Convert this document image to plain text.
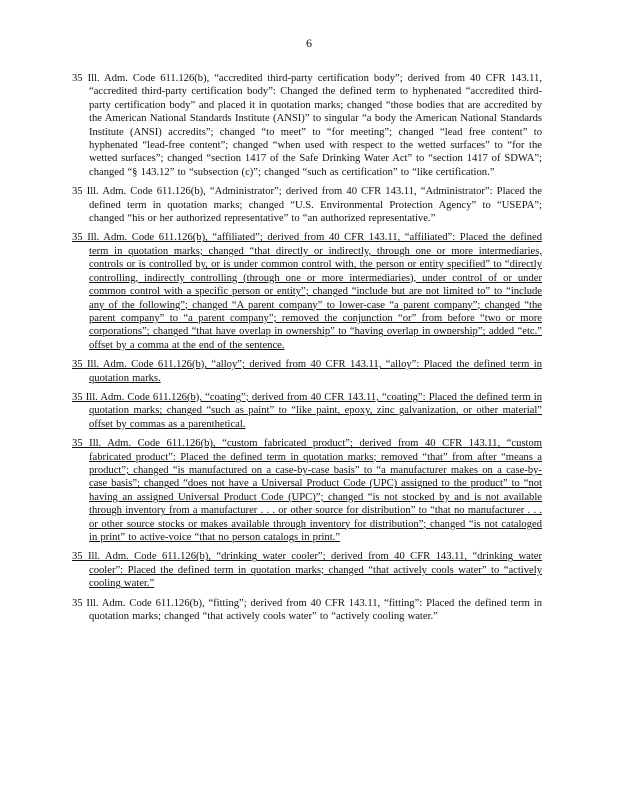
6

35 Ill. Adm. Code 611.126(b), “accredited third-party certification body”; derived from 40 CFR 143.11, “accredited third-party certification body”: Changed the defined term to hyphenated “accredited third-party certification body” and placed it in quotation marks; changed “those bodies that are accredited by the American National Standards Institute (ANSI)” to singular “a body the American National Standards Institute (ANSI) accredits”; changed “to meet” to “for meeting”; changed “lead free content” to hyphenated “lead-free content”; changed “when used with respect to the wetted surfaces” to “for the wetted surfaces”; changed “section 1417 of the Safe Drinking Water Act” to “section 1417 of SDWA”; changed “§ 143.12” to “subsection (c)”; changed “such as certification” to “like certification.”

35 Ill. Adm. Code 611.126(b), “Administrator”; derived from 40 CFR 143.11, “Administrator”: Placed the defined term in quotation marks; changed “U.S. Environmental Protection Agency” to “USEPA”; changed “his or her authorized representative” to “an authorized representative.”

35 Ill. Adm. Code 611.126(b), “affiliated”; derived from 40 CFR 143.11, “affiliated”: Placed the defined term in quotation marks; changed “that directly or indirectly, through one or more intermediaries, controls or is controlled by, or is under common control with, the person or entity specified” to “directly controlling, indirectly controlling (through one or more intermediaries), under control of or under common control with a specific person or entity”; changed “include but are not limited to” to “include any of the following”; changed “A parent company” to lower-case “a parent company”; changed “the parent company” to “a parent company”; removed the conjunction “or” from before “two or more corporations”; changed “that have overlap in ownership” to “having overlap in ownership”; added “etc.” offset by a comma at the end of the sentence.

35 Ill. Adm. Code 611.126(b), “alloy”; derived from 40 CFR 143.11, “alloy”: Placed the defined term in quotation marks.

35 Ill. Adm. Code 611.126(b), “coating”; derived from 40 CFR 143.11, “coating”: Placed the defined term in quotation marks; changed “such as paint” to “like paint, epoxy, zinc galvanization, or other material” offset by commas as a parenthetical.

35 Ill. Adm. Code 611.126(b), “custom fabricated product”; derived from 40 CFR 143.11, “custom fabricated product”: Placed the defined term in quotation marks; removed “that” from after “means a product”; changed “is manufactured on a case-by-case basis” to “a manufacturer makes on a case-by-case basis”; changed “does not have a Universal Product Code (UPC) assigned to the product” to “not having an assigned Universal Product Code (UPC)”; changed “is not stocked by and is not available through inventory from a manufacturer . . . or other source for distribution” to “that no manufacturer . . . or other source stocks or makes available through inventory for distribution”; changed “is not cataloged in print” to active-voice “that no person catalogs in print.”

35 Ill. Adm. Code 611.126(b), “drinking water cooler”; derived from 40 CFR 143.11, “drinking water cooler”: Placed the defined term in quotation marks; changed “that actively cools water” to “actively cooling water.”

35 Ill. Adm. Code 611.126(b), “fitting”; derived from 40 CFR 143.11, “fitting”: Placed the defined term in quotation marks; changed “that actively cools water” to “actively cooling water.”
